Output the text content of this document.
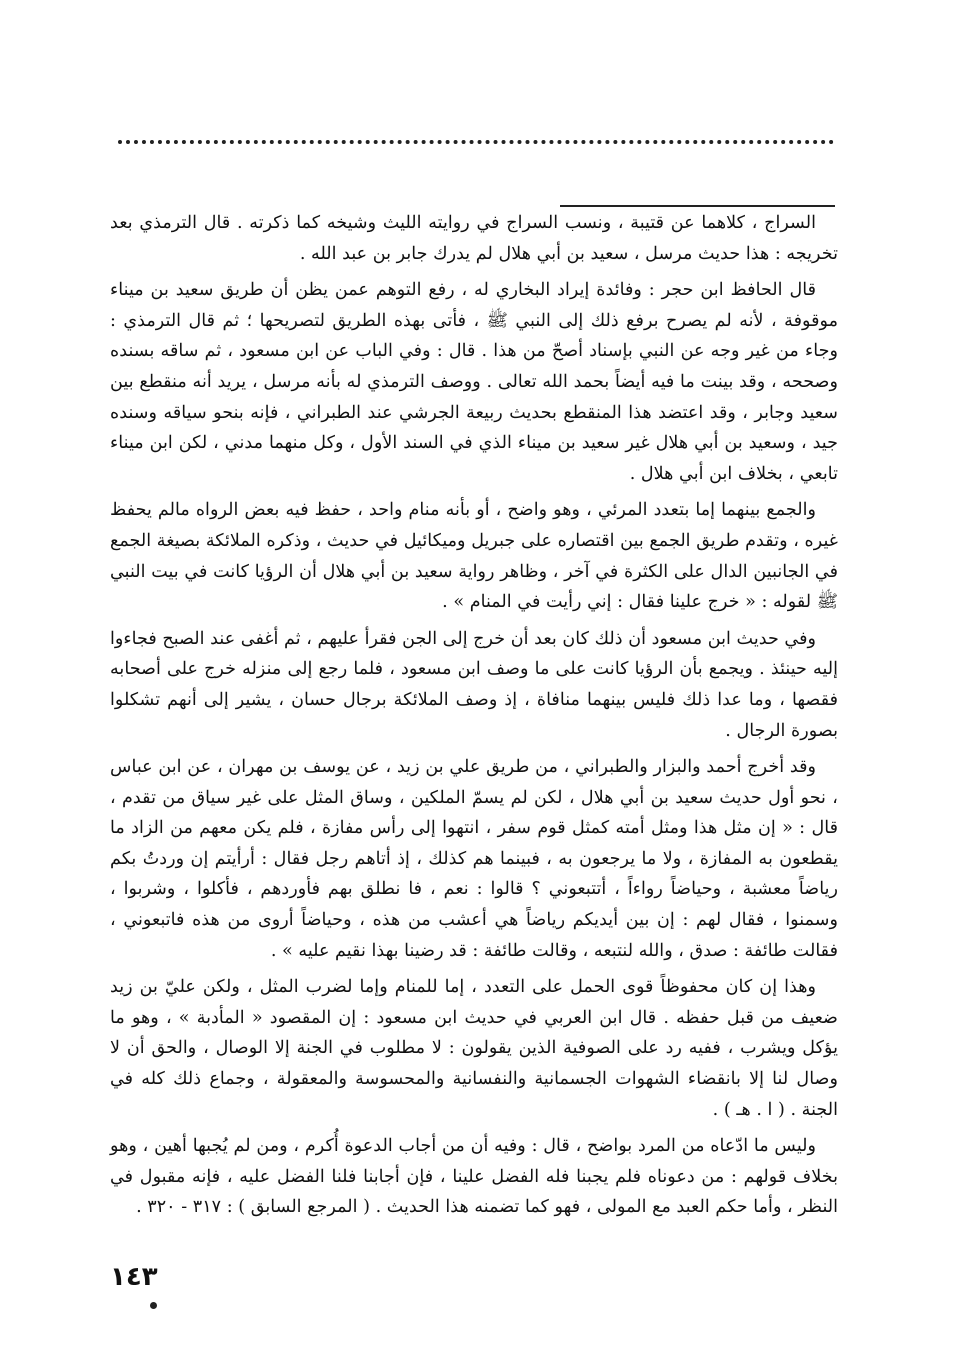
السراج ، كلاهما عن قتيبة ، ونسب السراج في روايته الليث وشيخه كما ذكرته . قال الترمذي بعد تخريجه : هذا حديث مرسل ، سعيد بن أبي هلال لم يدرك جابر بن عبد الله .

قال الحافظ ابن حجر : وفائدة إيراد البخاري له ، رفع التوهم عمن يظن أن طريق سعيد بن ميناء موقوفة ، لأنه لم يصرح برفع ذلك إلى النبي ﷺ ، فأتى بهذه الطريق لتصريحها ؛ ثم قال الترمذي : وجاء من غير وجه عن النبي بإسناد أصحّ من هذا . قال : وفي الباب عن ابن مسعود ، ثم ساقه بسنده وصححه ، وقد بينت ما فيه أيضاً بحمد الله تعالى . ووصف الترمذي له بأنه مرسل ، يريد أنه منقطع بين سعيد وجابر ، وقد اعتضد هذا المنقطع بحديث ربيعة الجرشي عند الطبراني ، فإنه بنحو سياقه وسنده جيد ، وسعيد بن أبي هلال غير سعيد بن ميناء الذي في السند الأول ، وكل منهما مدني ، لكن ابن ميناء تابعي ، بخلاف ابن أبي هلال .

والجمع بينهما إما بتعدد المرئي ، وهو واضح ، أو بأنه منام واحد ، حفظ فيه بعض الرواه مالم يحفظ غيره ، وتقدم طريق الجمع بين اقتصاره على جبريل وميكائيل في حديث ، وذكره الملائكة بصيغة الجمع في الجانبين الدال على الكثرة في آخر ، وظاهر رواية سعيد بن أبي هلال أن الرؤيا كانت في بيت النبي ﷺ لقوله : « خرج علينا فقال : إني رأيت في المنام » .

وفي حديث ابن مسعود أن ذلك كان بعد أن خرج إلى الجن فقرأ عليهم ، ثم أغفى عند الصبح فجاءوا إليه حينئذ . ويجمع بأن الرؤيا كانت على ما وصف ابن مسعود ، فلما رجع إلى منزله خرج على أصحابه فقصها ، وما عدا ذلك فليس بينهما منافاة ، إذ وصف الملائكة برجال حسان ، يشير إلى أنهم تشكلوا بصورة الرجال .

وقد أخرج أحمد والبزار والطبراني ، من طريق علي بن زيد ، عن يوسف بن مهران ، عن ابن عباس ، نحو أول حديث سعيد بن أبي هلال ، لكن لم يسمّ الملكين ، وساق المثل على غير سياق من تقدم ، قال : « إن مثل هذا ومثل أمته كمثل قوم سفر ، انتهوا إلى رأس مفازة ، فلم يكن معهم من الزاد ما يقطعون به المفازة ، ولا ما يرجعون به ، فبينما هم كذلك ، إذ أتاهم رجل فقال : أرأيتم إن وردتُ بكم رياضاً معشبة ، وحياضاً رواءاً ، أتتبعوني ؟ قالوا : نعم ، فا نطلق بهم فأوردهم ، فأكلوا ، وشربوا ، وسمنوا ، فقال لهم : إن بين أيديكم رياضاً هي أعشب من هذه ، وحياضاً أروى من هذه فاتبعوني ، فقالت طائفة : صدق ، والله لنتبعه ، وقالت طائفة : قد رضينا بهذا نقيم عليه » .

وهذا إن كان محفوظاً قوى الحمل على التعدد ، إما للمنام وإما لضرب المثل ، ولكن عليّ بن زيد ضعيف من قبل حفظه . قال ابن العربي في حديث ابن مسعود : إن المقصود « المأدبة » ، وهو ما يؤكل ويشرب ، ففيه رد على الصوفية الذين يقولون : لا مطلوب في الجنة إلا الوصال ، والحق أن لا وصال لنا إلا بانقضاء الشهوات الجسمانية والنفسانية والمحسوسة والمعقولة ، وجماع ذلك كله في الجنة . ( ا . هـ ) .

وليس ما ادّعاه من المرد بواضح ، قال : وفيه أن من أجاب الدعوة أُكرم ، ومن لم يُجبها أهين ، وهو بخلاف قولهم : من دعوناه فلم يجبنا فله الفضل علينا ، فإن أجابنا فلنا الفضل عليه ، فإنه مقبول في النظر ، وأما حكم العبد مع المولى ، فهو كما تضمنه هذا الحديث . ( المرجع السابق ) : ٣١٧ - ٣٢٠ .

١٤٣
